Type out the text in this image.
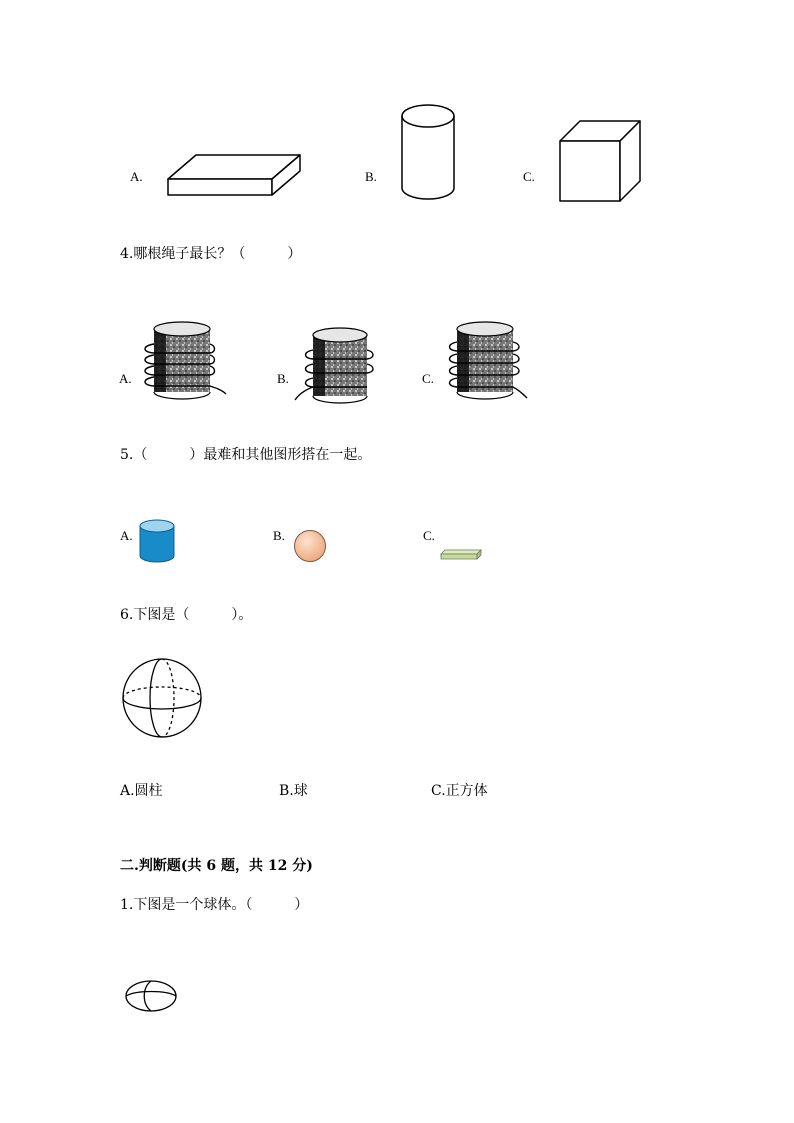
A.	B.	C.
4.哪根绳子最长？（　　　）
A.	B.	C.
5.（　　　）最难和其他图形搭在一起。
A.	B.	C.
6.下图是（　　　）。
A.圆柱	B.球	C.正方体
二.判断题(共 6 题，共 12 分)
1.下图是一个球体。（　　　）
